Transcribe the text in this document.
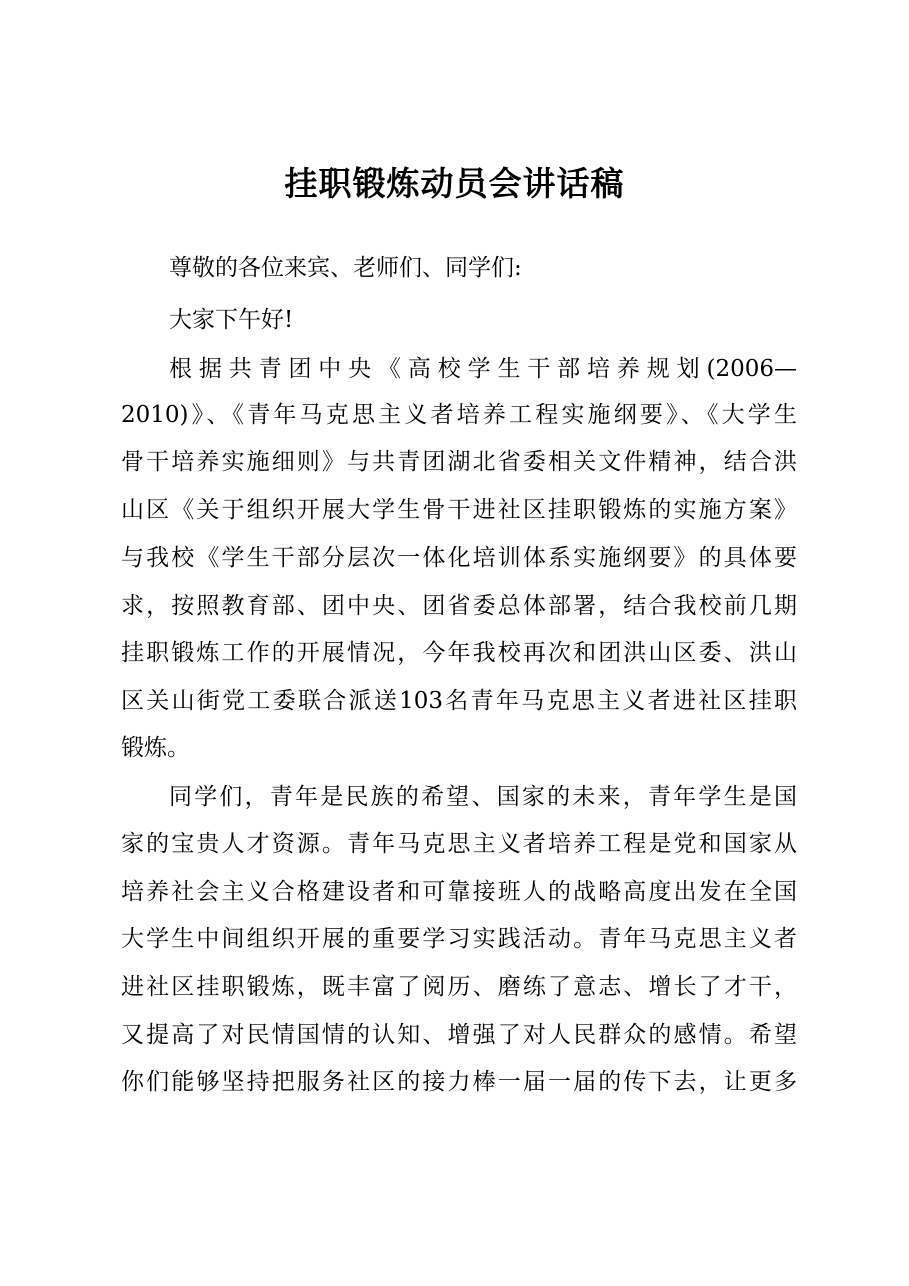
挂职锻炼动员会讲话稿
尊敬的各位来宾、老师们、同学们:
大家下午好!
根据共青团中央《高校学生干部培养规划(2006—
2010)》、《青年马克思主义者培养工程实施纲要》、《大学生
骨干培养实施细则》与共青团湖北省委相关文件精神，结合洪
山区《关于组织开展大学生骨干进社区挂职锻炼的实施方案》
与我校《学生干部分层次一体化培训体系实施纲要》的具体要
求，按照教育部、团中央、团省委总体部署，结合我校前几期
挂职锻炼工作的开展情况，今年我校再次和团洪山区委、洪山
区关山街党工委联合派送103名青年马克思主义者进社区挂职
锻炼。
同学们，青年是民族的希望、国家的未来，青年学生是国
家的宝贵人才资源。青年马克思主义者培养工程是党和国家从
培养社会主义合格建设者和可靠接班人的战略高度出发在全国
大学生中间组织开展的重要学习实践活动。青年马克思主义者
进社区挂职锻炼，既丰富了阅历、磨练了意志、增长了才干，
又提高了对民情国情的认知、增强了对人民群众的感情。希望
你们能够坚持把服务社区的接力棒一届一届的传下去，让更多
